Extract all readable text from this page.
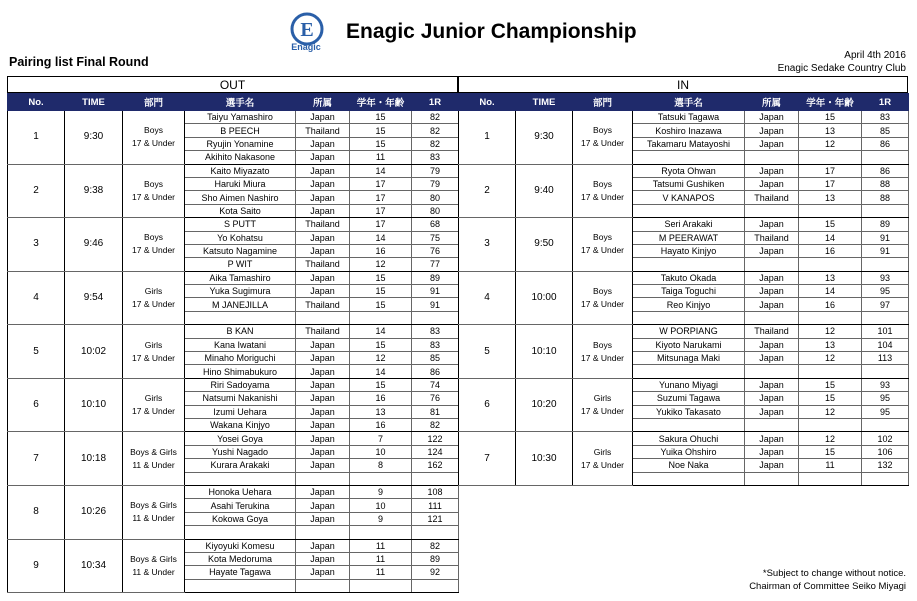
E
Enagic
Enagic Junior Championship
Pairing list Final Round	April 4th 2016
Enagic Sedake Country Club
OUT	IN
No.	TIME	部門	選手名	所属	学年・年齢	1R
1	9:30	Boys
17 & Under	Taiyu Yamashiro	Japan	15	82
			B PEECH	Thailand	15	82
			Ryujin Yonamine	Japan	15	82
			Akihito Nakasone	Japan	11	83
2	9:38	Boys
17 & Under	Kaito Miyazato	Japan	14	79
			Haruki Miura	Japan	17	79
			Sho Aimen Nashiro	Japan	17	80
			Kota Saito	Japan	17	80
3	9:46	Boys
17 & Under	S PUTT	Thailand	17	68
			Yo Kohatsu	Japan	14	75
			Katsuto Nagamine	Japan	16	76
			P WIT	Thailand	12	77
4	9:54	Girls
17 & Under	Aika Tamashiro	Japan	15	89
			Yuka Sugimura	Japan	15	91
			M JANEJILLA	Thailand	15	91

5	10:02	Girls
17 & Under	B KAN	Thailand	14	83
			Kana Iwatani	Japan	15	83
			Minaho Moriguchi	Japan	12	85
			Hino Shimabukuro	Japan	14	86
6	10:10	Girls
17 & Under	Riri Sadoyama	Japan	15	74
			Natsumi Nakanishi	Japan	16	76
			Izumi Uehara	Japan	13	81
			Wakana Kinjyo	Japan	16	82
7	10:18	Boys & Girls
11 & Under	Yosei Goya	Japan	7	122
			Yushi Nagado	Japan	10	124
			Kurara Arakaki	Japan	8	162

8	10:26	Boys & Girls
11 & Under	Honoka Uehara	Japan	9	108
			Asahi Terukina	Japan	10	111
			Kokowa Goya	Japan	9	121

9	10:34	Boys & Girls
11 & Under	Kiyoyuki Komesu	Japan	11	82
			Kota Medoruma	Japan	11	89
			Hayate Tagawa	Japan	11	92

No.	TIME	部門	選手名	所属	学年・年齢	1R
1	9:30	Boys
17 & Under	Tatsuki Tagawa	Japan	15	83
			Koshiro Inazawa	Japan	13	85
			Takamaru Matayoshi	Japan	12	86

2	9:40	Boys
17 & Under	Ryota Ohwan	Japan	17	86
			Tatsumi Gushiken	Japan	17	88
			V KANAPOS	Thailand	13	88

3	9:50	Boys
17 & Under	Seri Arakaki	Japan	15	89
			M PEERAWAT	Thailand	14	91
			Hayato Kinjyo	Japan	16	91

4	10:00	Boys
17 & Under	Takuto Okada	Japan	13	93
			Taiga Toguchi	Japan	14	95
			Reo Kinjyo	Japan	16	97

5	10:10	Boys
17 & Under	W PORPIANG	Thailand	12	101
			Kiyoto Narukami	Japan	13	104
			Mitsunaga Maki	Japan	12	113

6	10:20	Girls
17 & Under	Yunano Miyagi	Japan	15	93
			Suzumi Tagawa	Japan	15	95
			Yukiko Takasato	Japan	12	95

7	10:30	Girls
17 & Under	Sakura Ohuchi	Japan	12	102
			Yuika Ohshiro	Japan	15	106
			Noe Naka	Japan	11	132

*Subject to change without notice.
Chairman of Committee Seiko Miyagi
